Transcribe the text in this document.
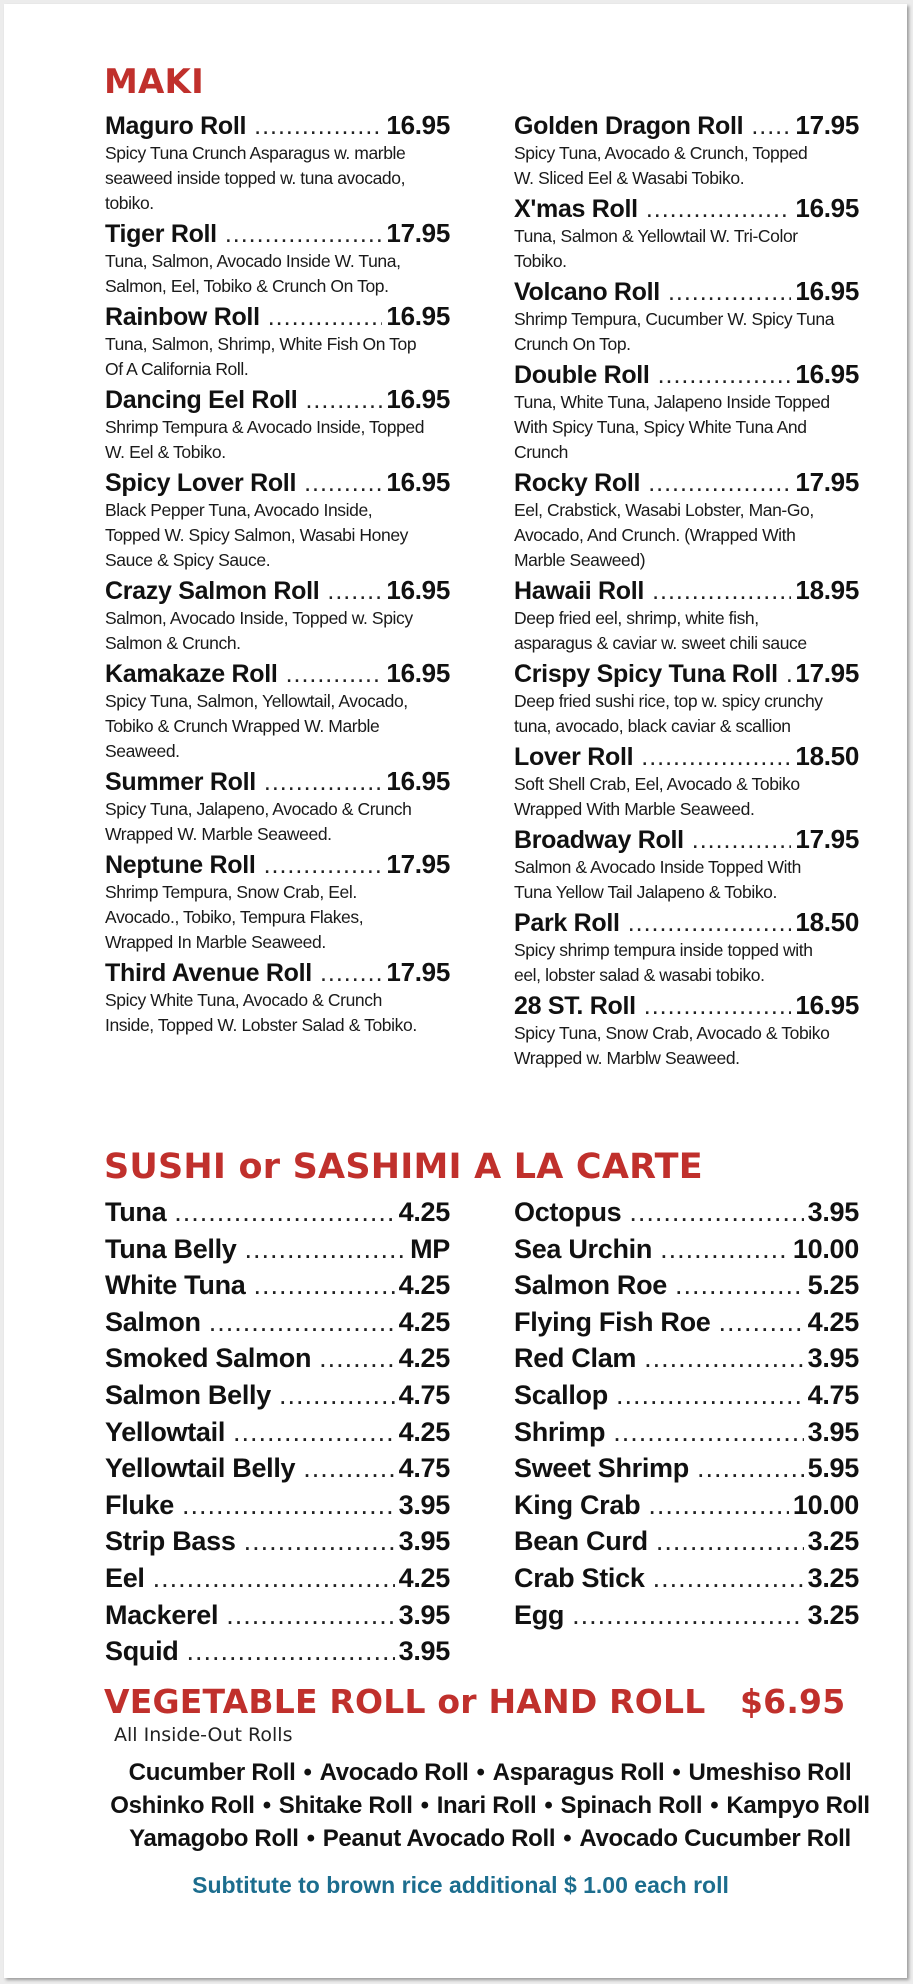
MAKI
Maguro Roll .....	16.95
Spicy Tuna Crunch Asparagus w. marble
seaweed inside topped w. tuna avocado,
tobiko.
Tiger Roll .....	17.95
Tuna, Salmon, Avocado Inside W. Tuna,
Salmon, Eel, Tobiko & Crunch On Top.
Rainbow Roll .....	16.95
Tuna, Salmon, Shrimp, White Fish On Top
Of A California Roll.
Dancing Eel Roll .....	16.95
Shrimp Tempura & Avocado Inside, Topped
W. Eel & Tobiko.
Spicy Lover Roll .....	16.95
Black Pepper Tuna, Avocado Inside,
Topped W. Spicy Salmon, Wasabi Honey
Sauce & Spicy Sauce.
Crazy Salmon Roll .....	16.95
Salmon, Avocado Inside, Topped w. Spicy
Salmon & Crunch.
Kamakaze Roll .....	16.95
Spicy Tuna, Salmon, Yellowtail, Avocado,
Tobiko & Crunch Wrapped W. Marble
Seaweed.
Summer Roll .....	16.95
Spicy Tuna, Jalapeno, Avocado & Crunch
Wrapped W. Marble Seaweed.
Neptune Roll .....	17.95
Shrimp Tempura, Snow Crab, Eel.
Avocado., Tobiko, Tempura Flakes,
Wrapped In Marble Seaweed.
Third Avenue Roll .....	17.95
Spicy White Tuna, Avocado & Crunch
Inside, Topped W. Lobster Salad & Tobiko.
Golden Dragon Roll ..... 17.95
Spicy Tuna, Avocado & Crunch, Topped
W. Sliced Eel & Wasabi Tobiko.
X'mas Roll .....	16.95
Tuna, Salmon & Yellowtail W. Tri-Color
Tobiko.
Volcano Roll .....	16.95
Shrimp Tempura, Cucumber W. Spicy Tuna
Crunch On Top.
Double Roll .....	16.95
Tuna, White Tuna, Jalapeno Inside Topped
With Spicy Tuna, Spicy White Tuna And
Crunch
Rocky Roll .....	17.95
Eel, Crabstick, Wasabi Lobster, Man-Go,
Avocado, And Crunch. (Wrapped With
Marble Seaweed)
Hawaii Roll .....	18.95
Deep fried eel, shrimp, white fish,
asparagus & caviar w. sweet chili sauce
Crispy Spicy Tuna Roll ..... 17.95
Deep fried sushi rice, top w. spicy crunchy
tuna, avocado, black caviar & scallion
Lover Roll .....	18.50
Soft Shell Crab, Eel, Avocado & Tobiko
Wrapped With Marble Seaweed.
Broadway Roll .....	17.95
Salmon & Avocado Inside Topped With
Tuna Yellow Tail Jalapeno & Tobiko.
Park Roll .....	18.50
Spicy shrimp tempura inside topped with
eel, lobster salad & wasabi tobiko.
28 ST. Roll .....	16.95
Spicy Tuna, Snow Crab, Avocado & Tobiko
Wrapped w. Marblw Seaweed.
SUSHI or SASHIMI A LA CARTE
Tuna .....	4.25
Tuna Belly .....	MP
White Tuna .....	4.25
Salmon .....	4.25
Smoked Salmon .....	4.25
Salmon Belly .....	4.75
Yellowtail .....	4.25
Yellowtail Belly .....	4.75
Fluke .....	3.95
Strip Bass .....	3.95
Eel .....	4.25
Mackerel .....	3.95
Squid .....	3.95
Octopus .....	3.95
Sea Urchin .....	10.00
Salmon Roe .....	5.25
Flying Fish Roe .....	4.25
Red Clam .....	3.95
Scallop .....	4.75
Shrimp .....	3.95
Sweet Shrimp .....	5.95
King Crab .....	10.00
Bean Curd .....	3.25
Crab Stick .....	3.25
Egg .....	3.25
VEGETABLE ROLL or HAND ROLL $6.95
All Inside-Out Rolls
Cucumber Roll • Avocado Roll • Asparagus Roll • Umeshiso Roll
Oshinko Roll • Shitake Roll • Inari Roll • Spinach Roll • Kampyo Roll
Yamagobo Roll • Peanut Avocado Roll • Avocado Cucumber Roll
Subtitute to brown rice additional $ 1.00 each roll
